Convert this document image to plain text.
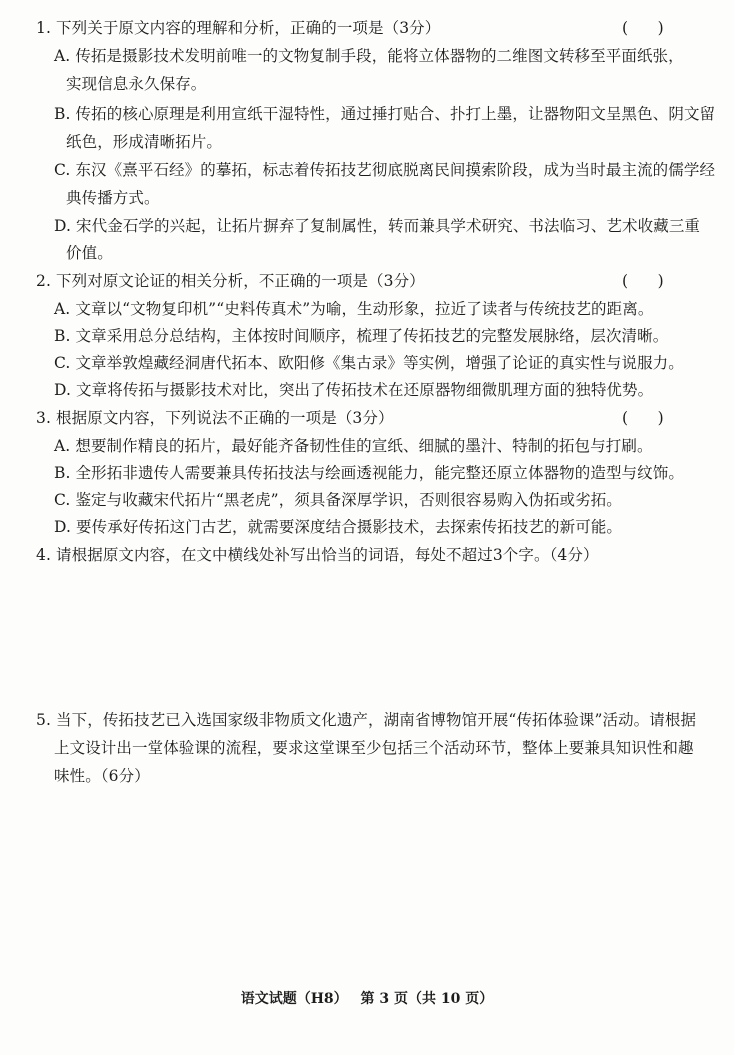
1. 下列关于原文内容的理解和分析，正确的一项是（3分）	(      )
A. 传拓是摄影技术发明前唯一的文物复制手段，能将立体器物的二维图文转移至平面纸张，
实现信息永久保存。
B. 传拓的核心原理是利用宣纸干湿特性，通过捶打贴合、扑打上墨，让器物阳文呈黑色、阴文留
纸色，形成清晰拓片。
C. 东汉《熹平石经》的摹拓，标志着传拓技艺彻底脱离民间摸索阶段，成为当时最主流的儒学经
典传播方式。
D. 宋代金石学的兴起，让拓片摒弃了复制属性，转而兼具学术研究、书法临习、艺术收藏三重
价值。
2. 下列对原文论证的相关分析，不正确的一项是（3分）	(      )
A. 文章以“文物复印机”“史料传真术”为喻，生动形象，拉近了读者与传统技艺的距离。
B. 文章采用总分总结构，主体按时间顺序，梳理了传拓技艺的完整发展脉络，层次清晰。
C. 文章举敦煌藏经洞唐代拓本、欧阳修《集古录》等实例，增强了论证的真实性与说服力。
D. 文章将传拓与摄影技术对比，突出了传拓技术在还原器物细微肌理方面的独特优势。
3. 根据原文内容，下列说法不正确的一项是（3分）	(      )
A. 想要制作精良的拓片，最好能齐备韧性佳的宣纸、细腻的墨汁、特制的拓包与打刷。
B. 全形拓非遗传人需要兼具传拓技法与绘画透视能力，能完整还原立体器物的造型与纹饰。
C. 鉴定与收藏宋代拓片“黑老虎”，须具备深厚学识，否则很容易购入伪拓或劣拓。
D. 要传承好传拓这门古艺，就需要深度结合摄影技术，去探索传拓技艺的新可能。
4. 请根据原文内容，在文中横线处补写出恰当的词语，每处不超过3个字。（4分）
5. 当下，传拓技艺已入选国家级非物质文化遗产，湖南省博物馆开展“传拓体验课”活动。请根据
上文设计出一堂体验课的流程，要求这堂课至少包括三个活动环节，整体上要兼具知识性和趣
味性。（6分）
语文试题（H8） 第 3 页（共 10 页）
